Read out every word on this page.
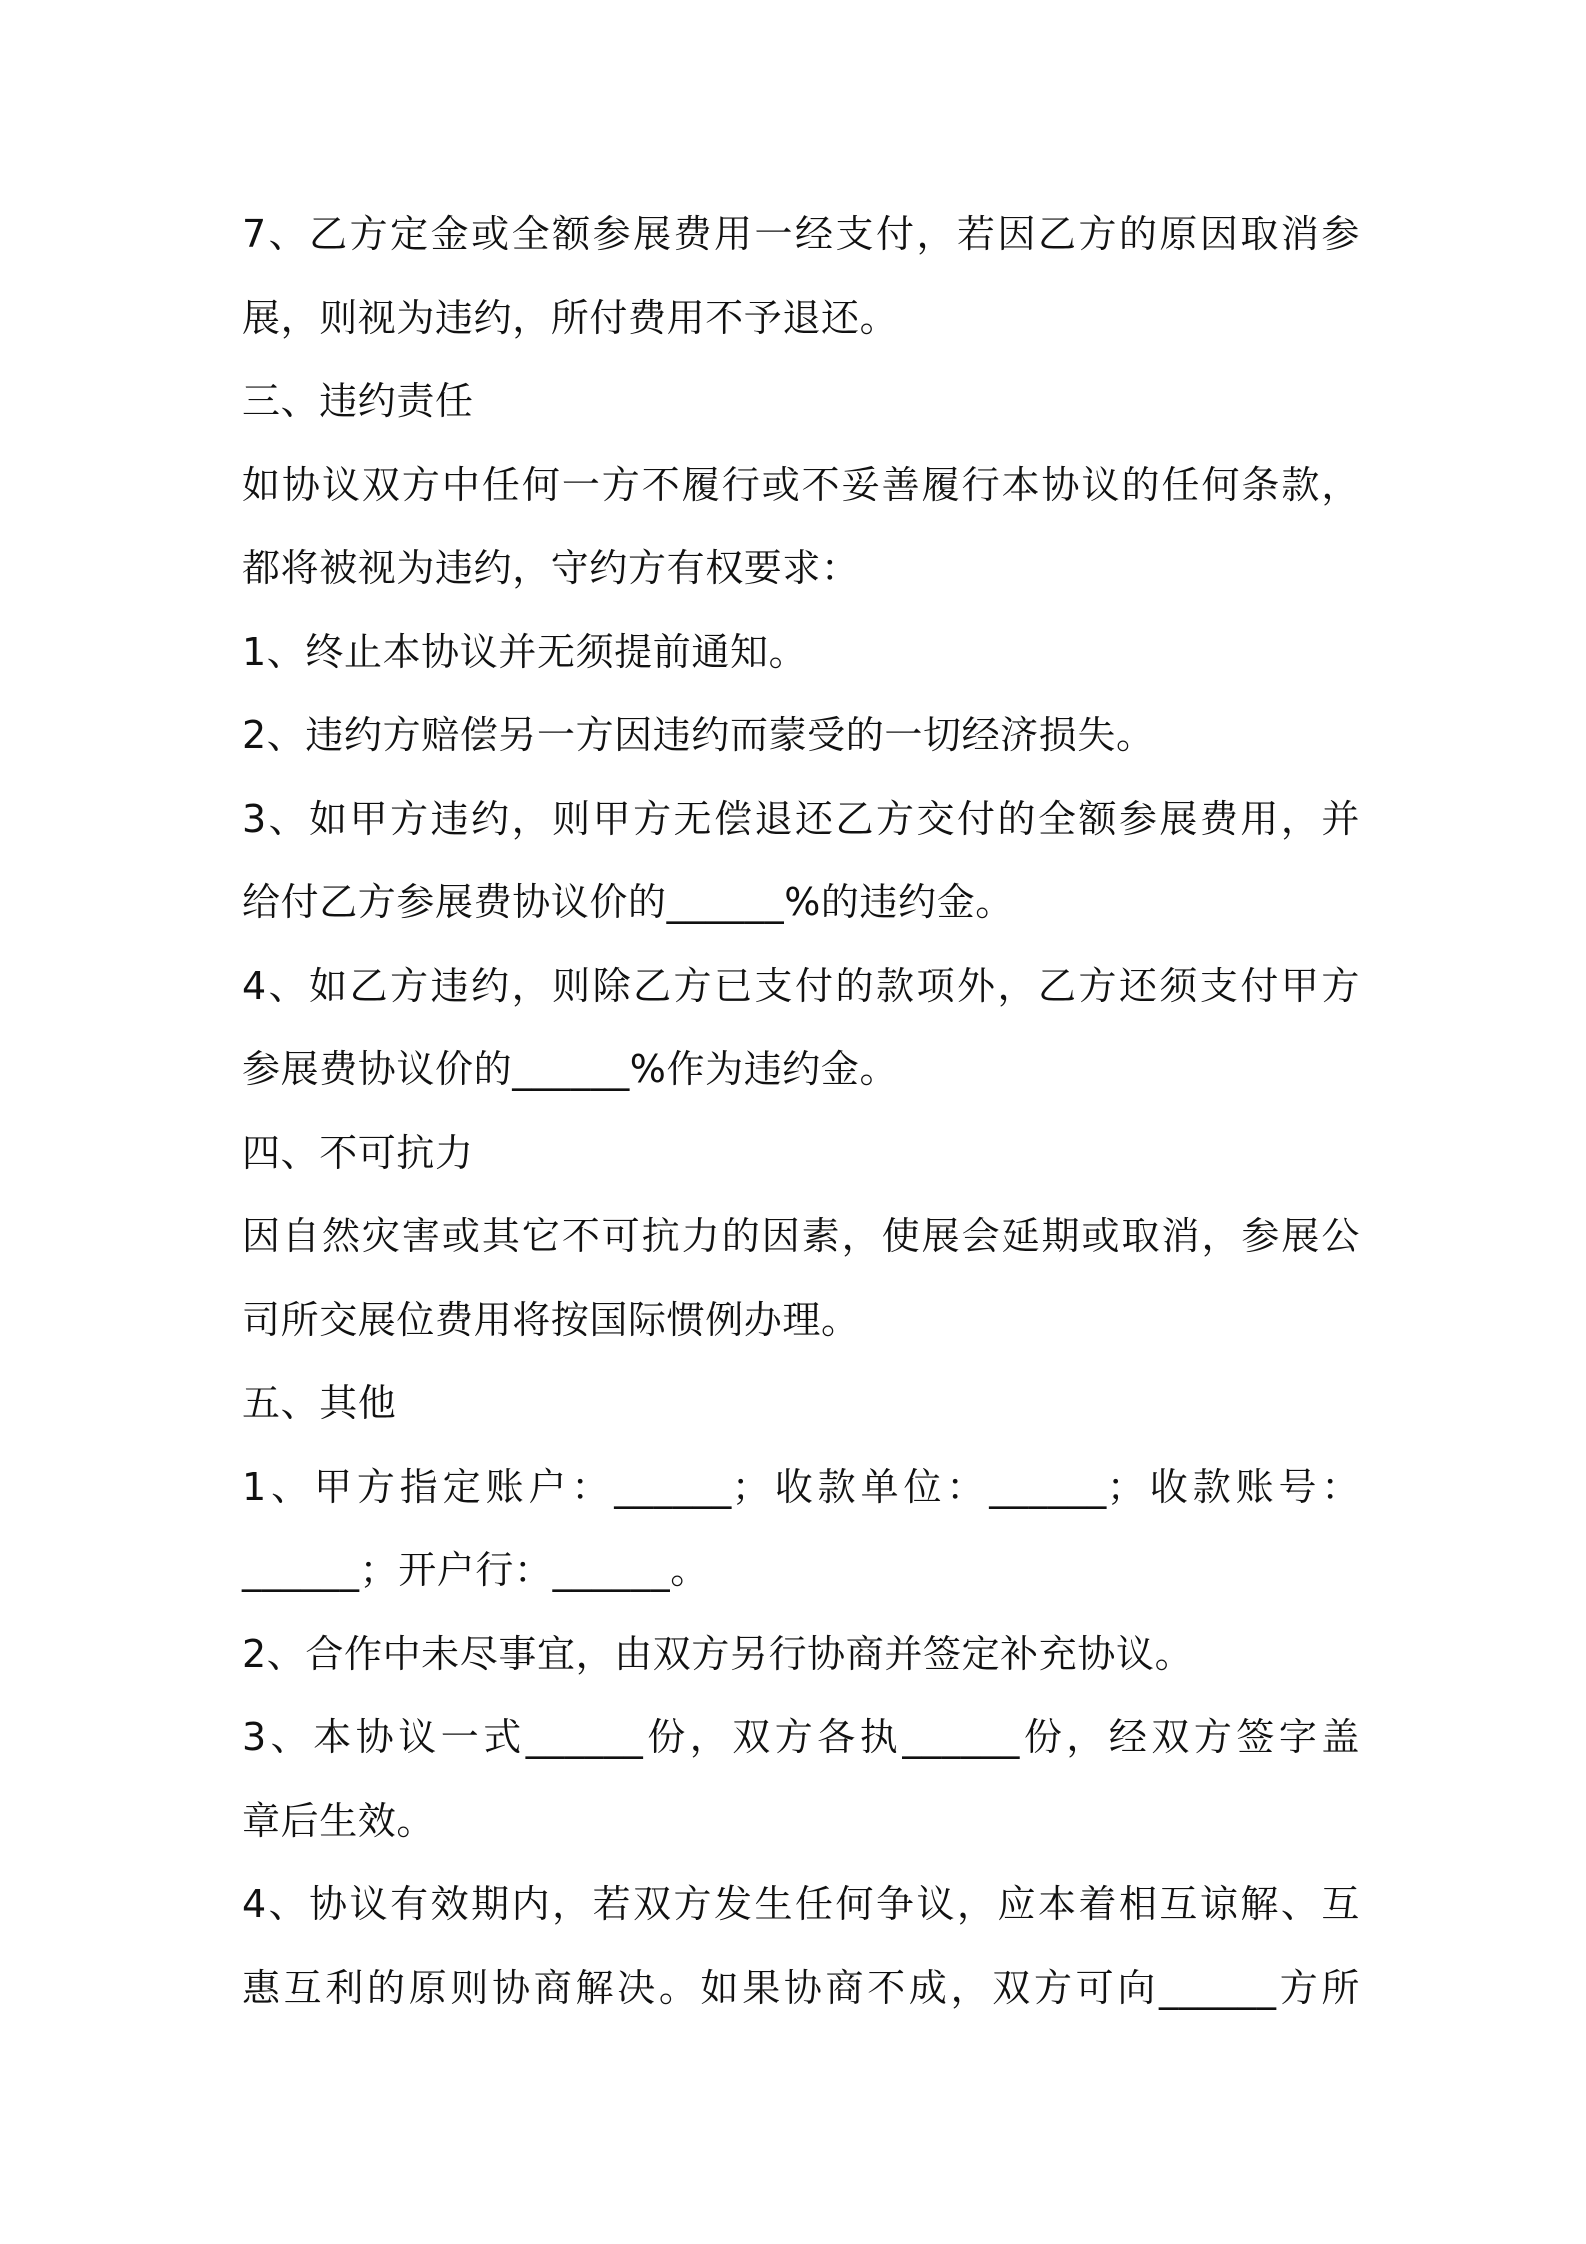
7、乙方定金或全额参展费用一经支付，若因乙方的原因取消参
展，则视为违约，所付费用不予退还。
三、违约责任
如协议双方中任何一方不履行或不妥善履行本协议的任何条款，
都将被视为违约，守约方有权要求：
1、终止本协议并无须提前通知。
2、违约方赔偿另一方因违约而蒙受的一切经济损失。
3、如甲方违约，则甲方无偿退还乙方交付的全额参展费用，并
给付乙方参展费协议价的______%的违约金。
4、如乙方违约，则除乙方已支付的款项外，乙方还须支付甲方
参展费协议价的______%作为违约金。
四、不可抗力
因自然灾害或其它不可抗力的因素，使展会延期或取消，参展公
司所交展位费用将按国际惯例办理。
五、其他
1、甲方指定账户：______；收款单位：______；收款账号：
______；开户行：______。
2、合作中未尽事宜，由双方另行协商并签定补充协议。
3、本协议一式______份，双方各执______份，经双方签字盖
章后生效。
4、协议有效期内，若双方发生任何争议，应本着相互谅解、互
惠互利的原则协商解决。如果协商不成，双方可向______方所
